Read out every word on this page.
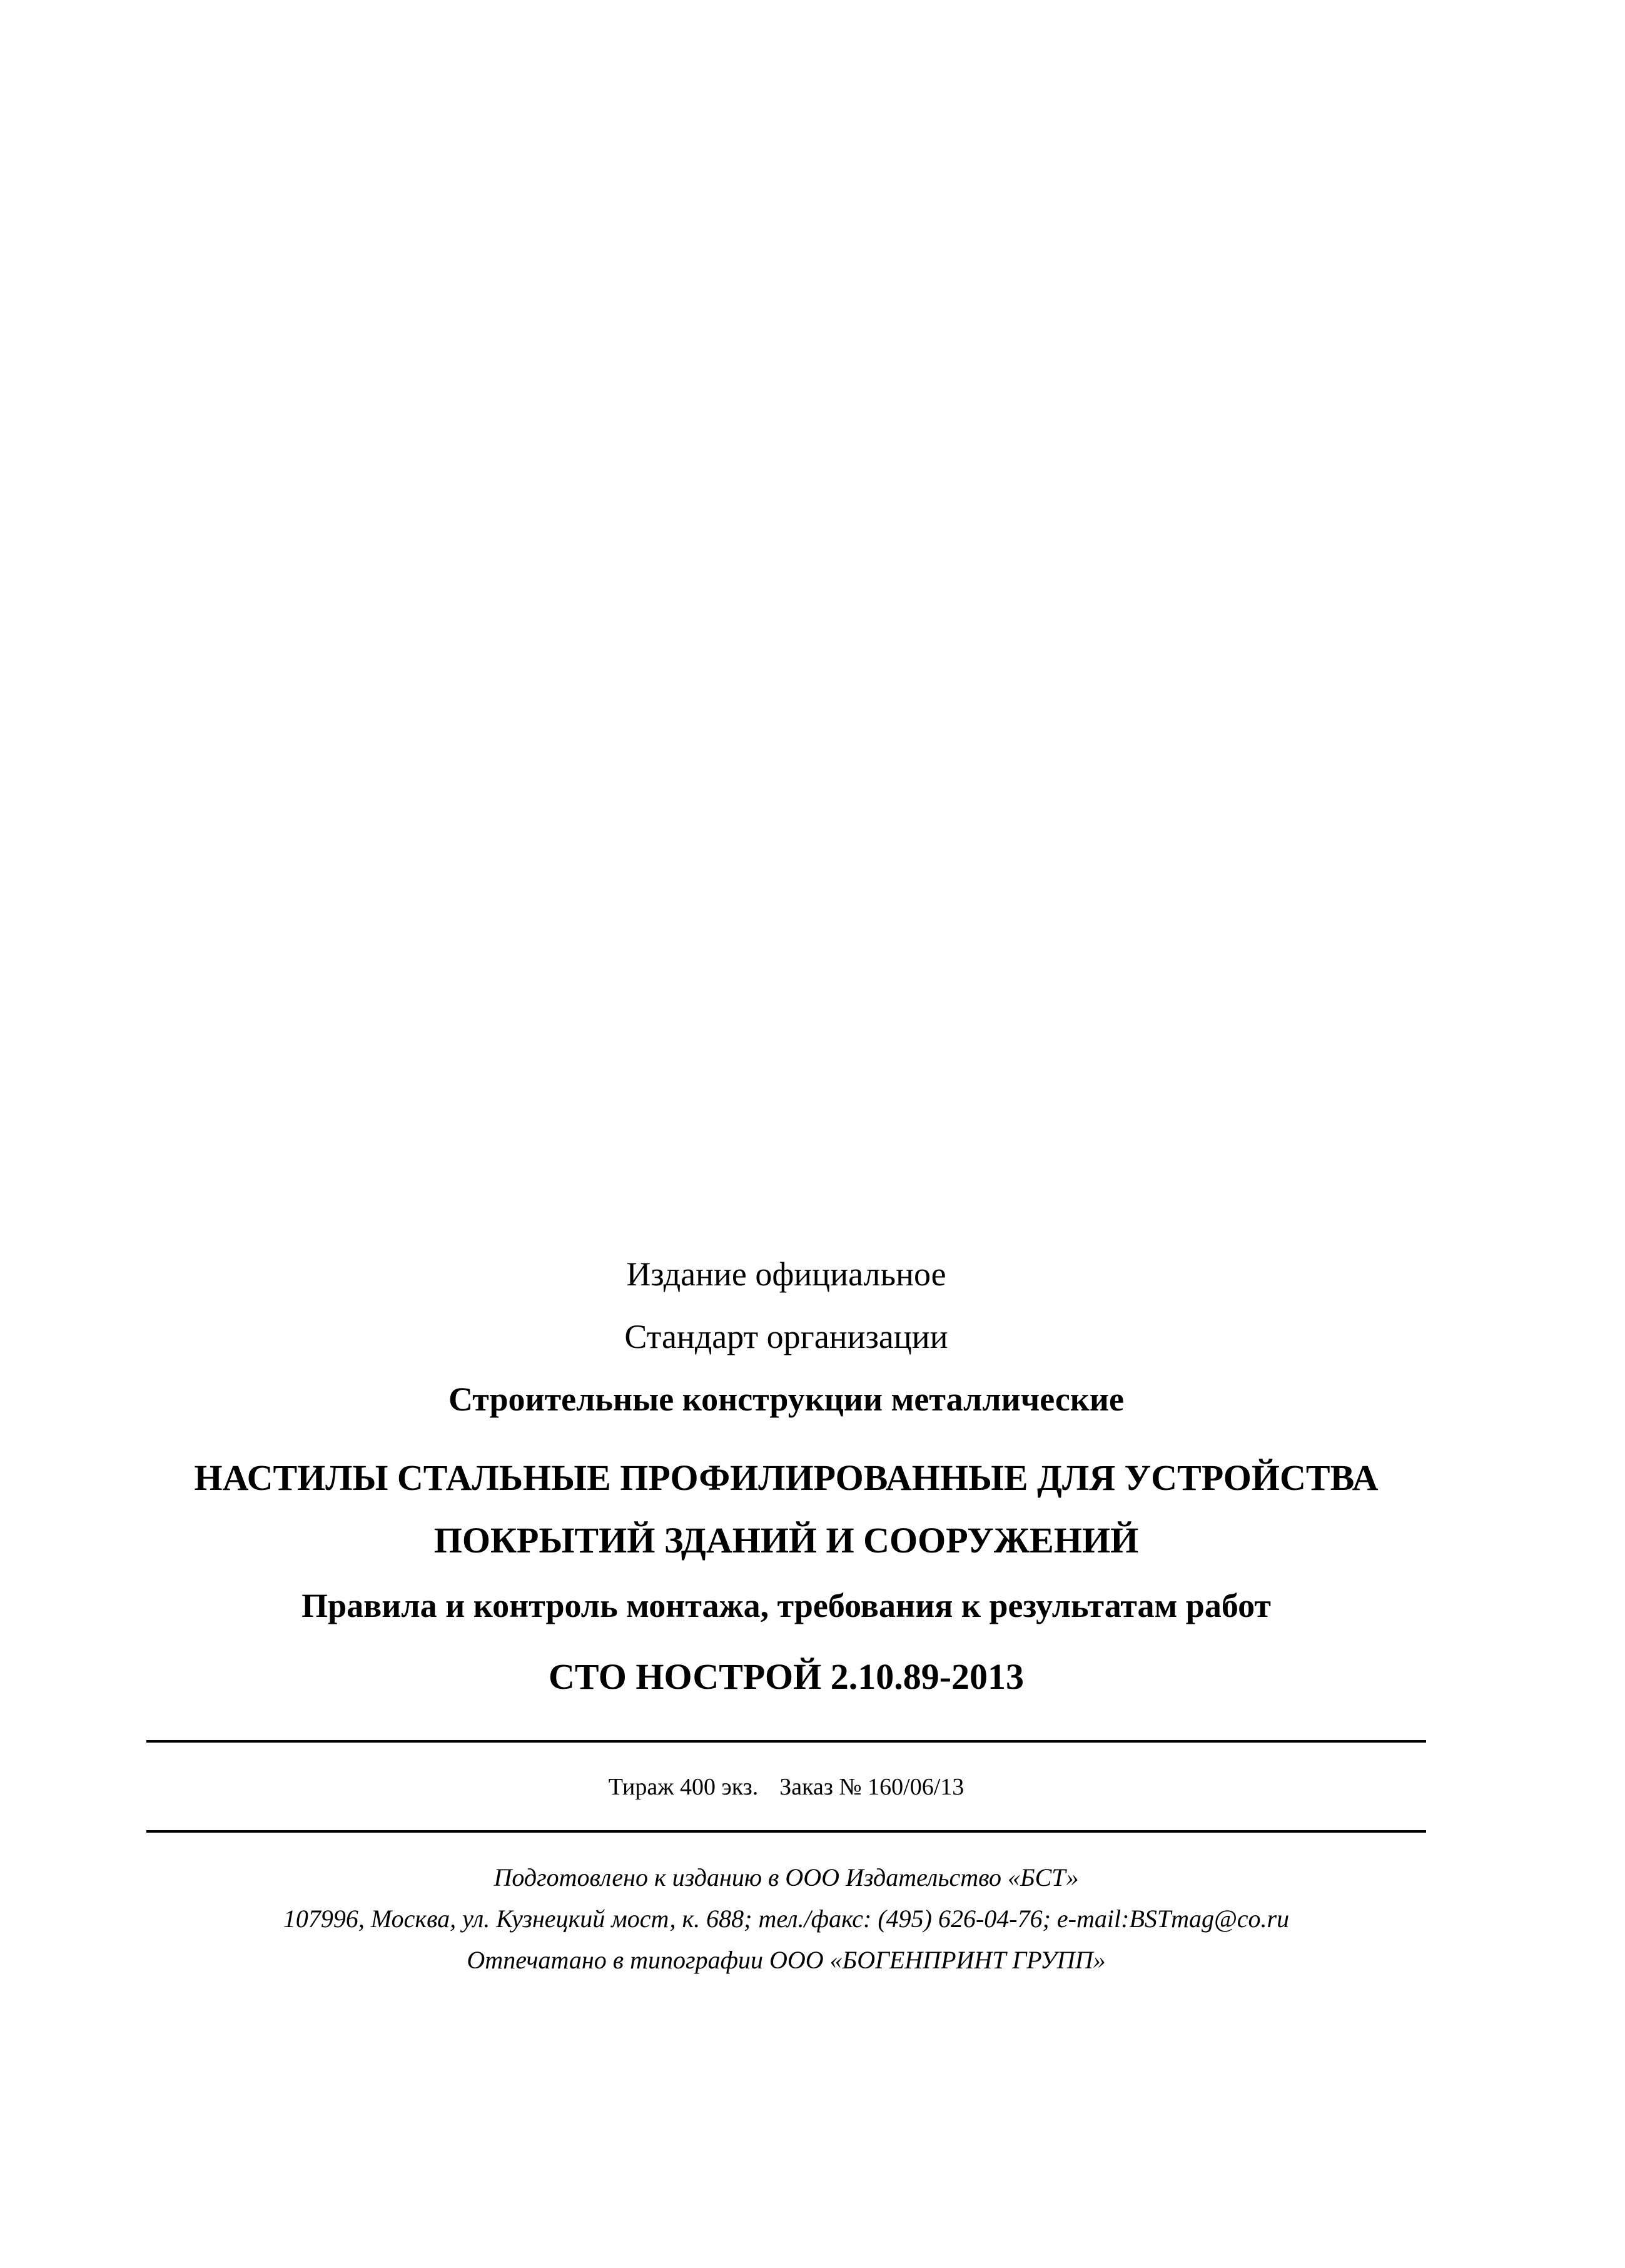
Издание официальное
Стандарт организации
Строительные конструкции металлические
НАСТИЛЫ СТАЛЬНЫЕ ПРОФИЛИРОВАННЫЕ ДЛЯ УСТРОЙСТВА
ПОКРЫТИЙ ЗДАНИЙ И СООРУЖЕНИЙ
Правила и контроль монтажа, требования к результатам работ
СТО НОСТРОЙ 2.10.89-2013
Тираж 400 экз. Заказ № 160/06/13
Подготовлено к изданию в ООО Издательство «БСТ»
107996, Москва, ул. Кузнецкий мост, к. 688; тел./факс: (495) 626-04-76; e-mail:BSTmag@co.ru
Отпечатано в типографии ООО «БОГЕНПРИНТ ГРУПП»
